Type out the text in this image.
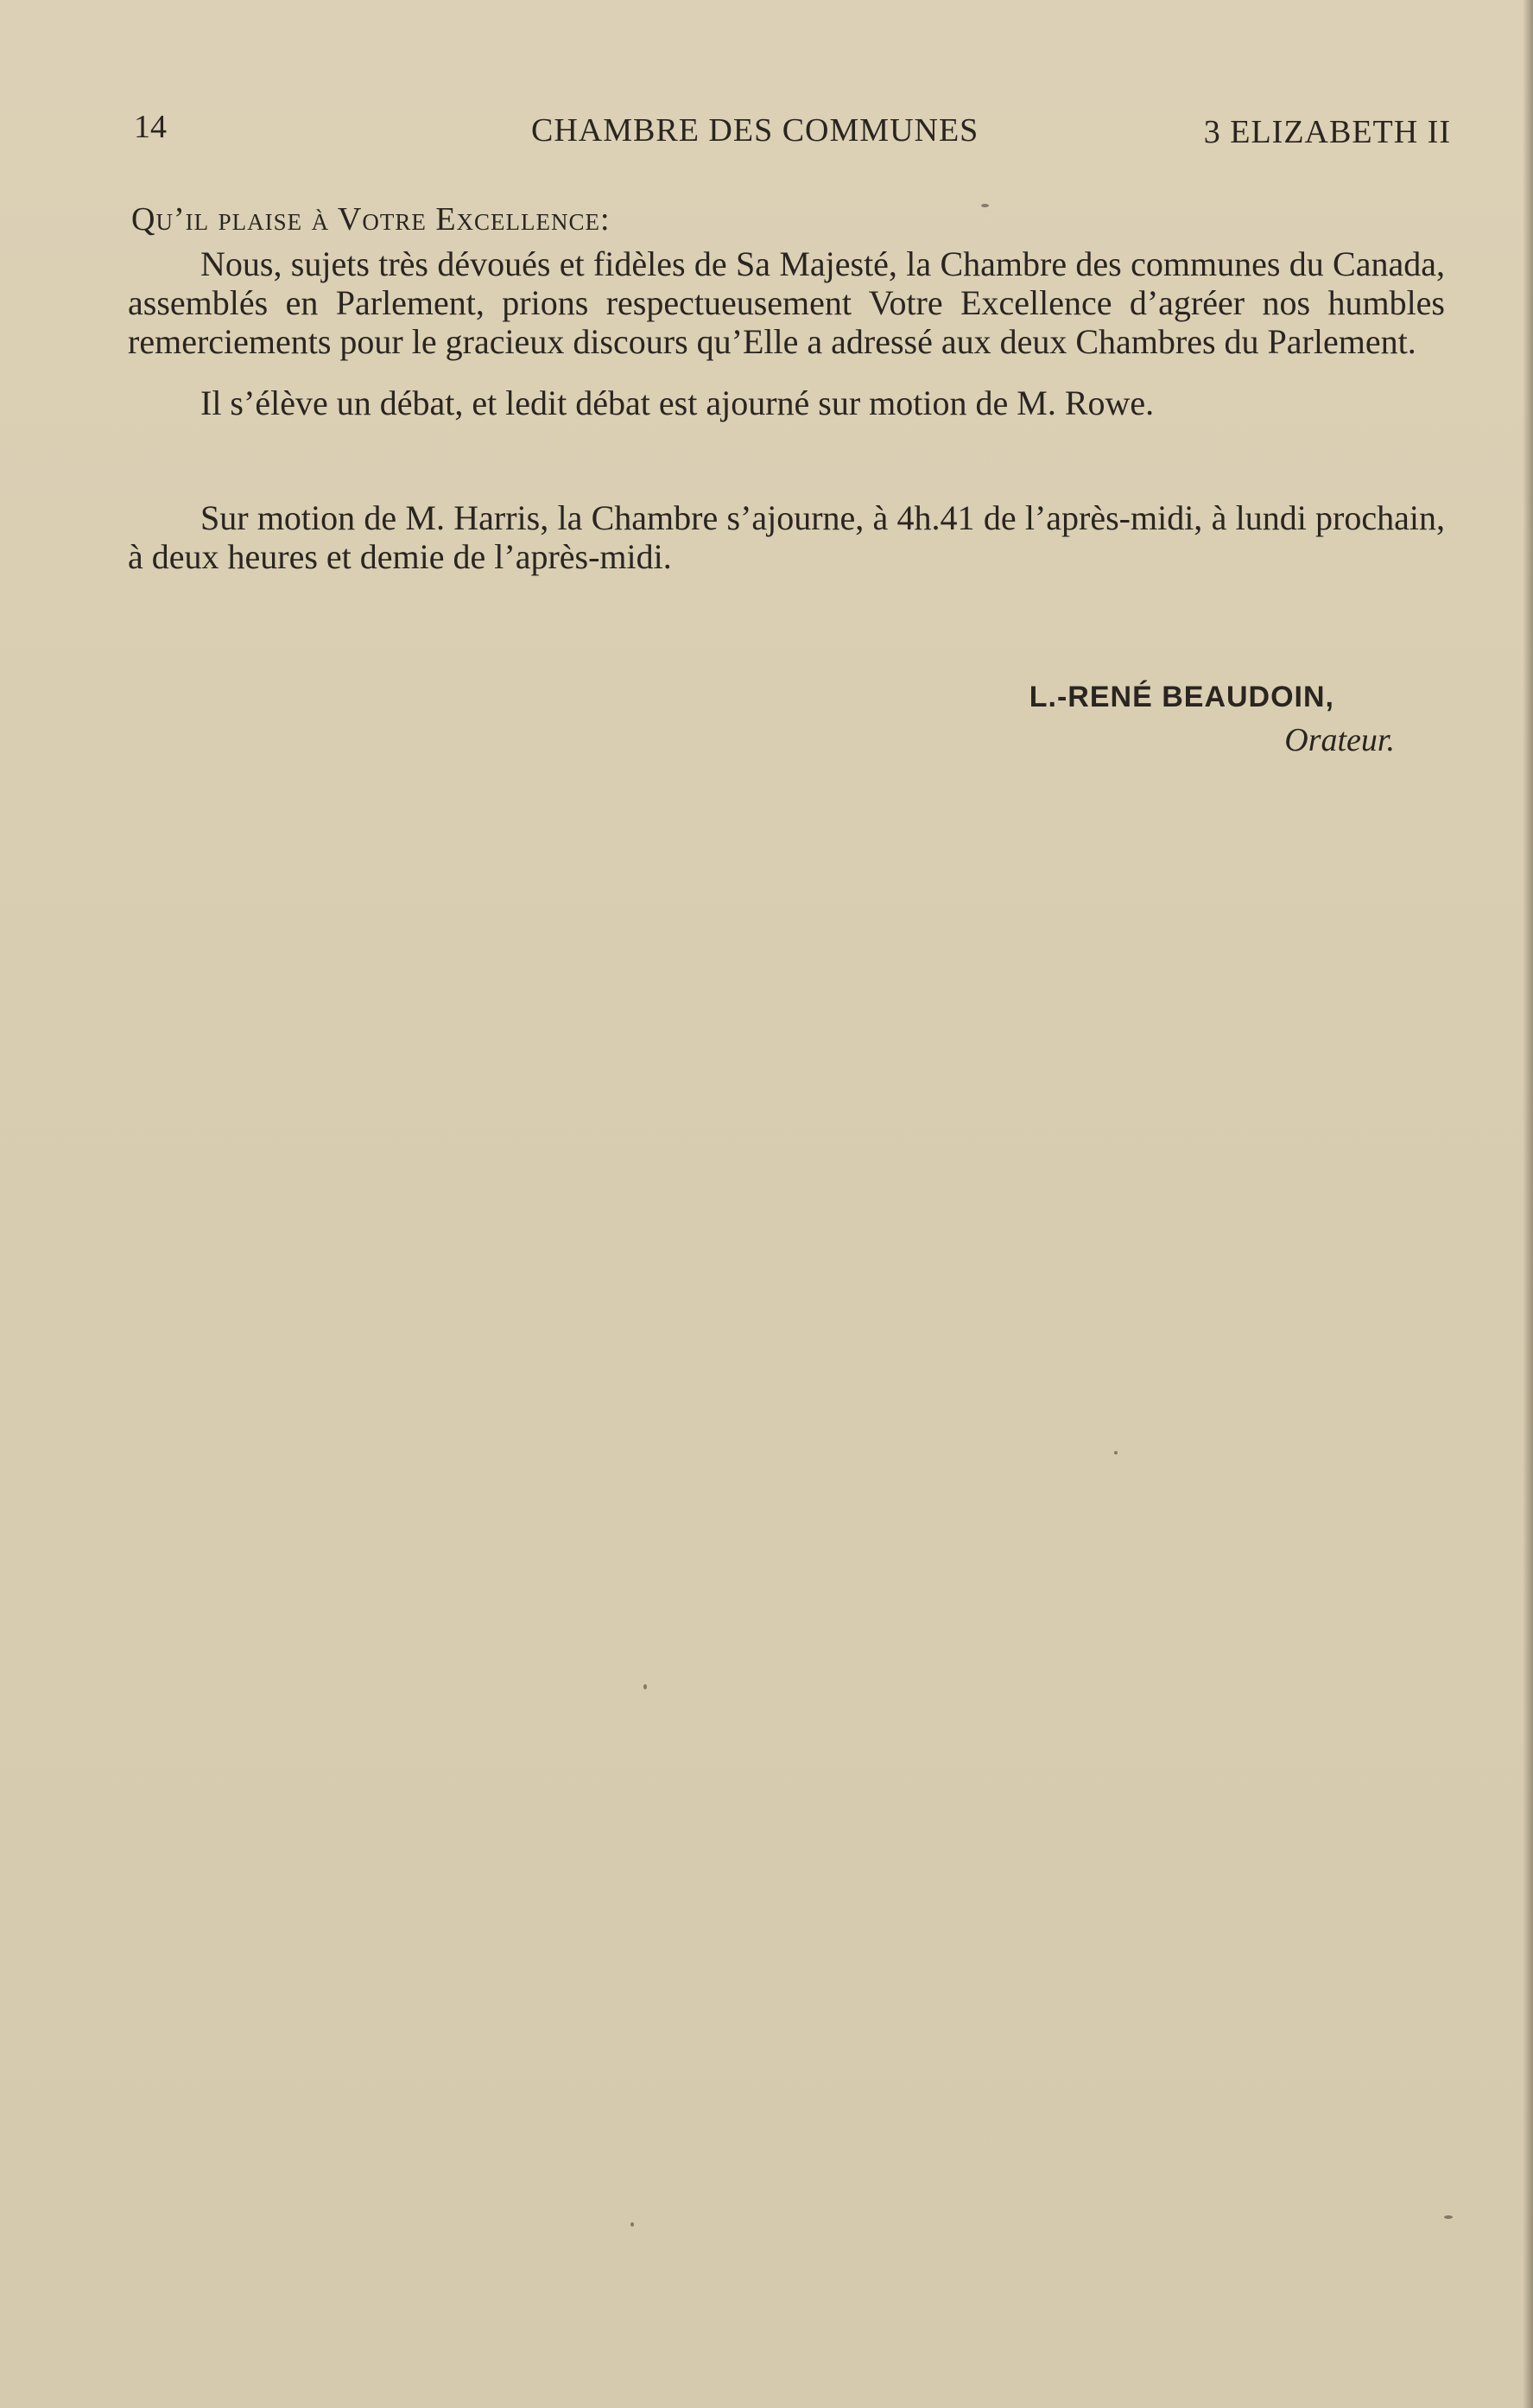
14	CHAMBRE DES COMMUNES	3 ELIZABETH II
Qu’il plaise à Votre Excellence:

Nous, sujets très dévoués et fidèles de Sa Majesté, la Chambre des communes du Canada, assemblés en Parlement, prions respectueusement Votre Excellence d’agréer nos humbles remerciements pour le gracieux discours qu’Elle a adressé aux deux Chambres du Parlement.

Il s’élève un débat, et ledit débat est ajourné sur motion de M. Rowe.

Sur motion de M. Harris, la Chambre s’ajourne, à 4h.41 de l’après-midi, à lundi prochain, à deux heures et demie de l’après-midi.

L.-RENÉ BEAUDOIN,
Orateur.
